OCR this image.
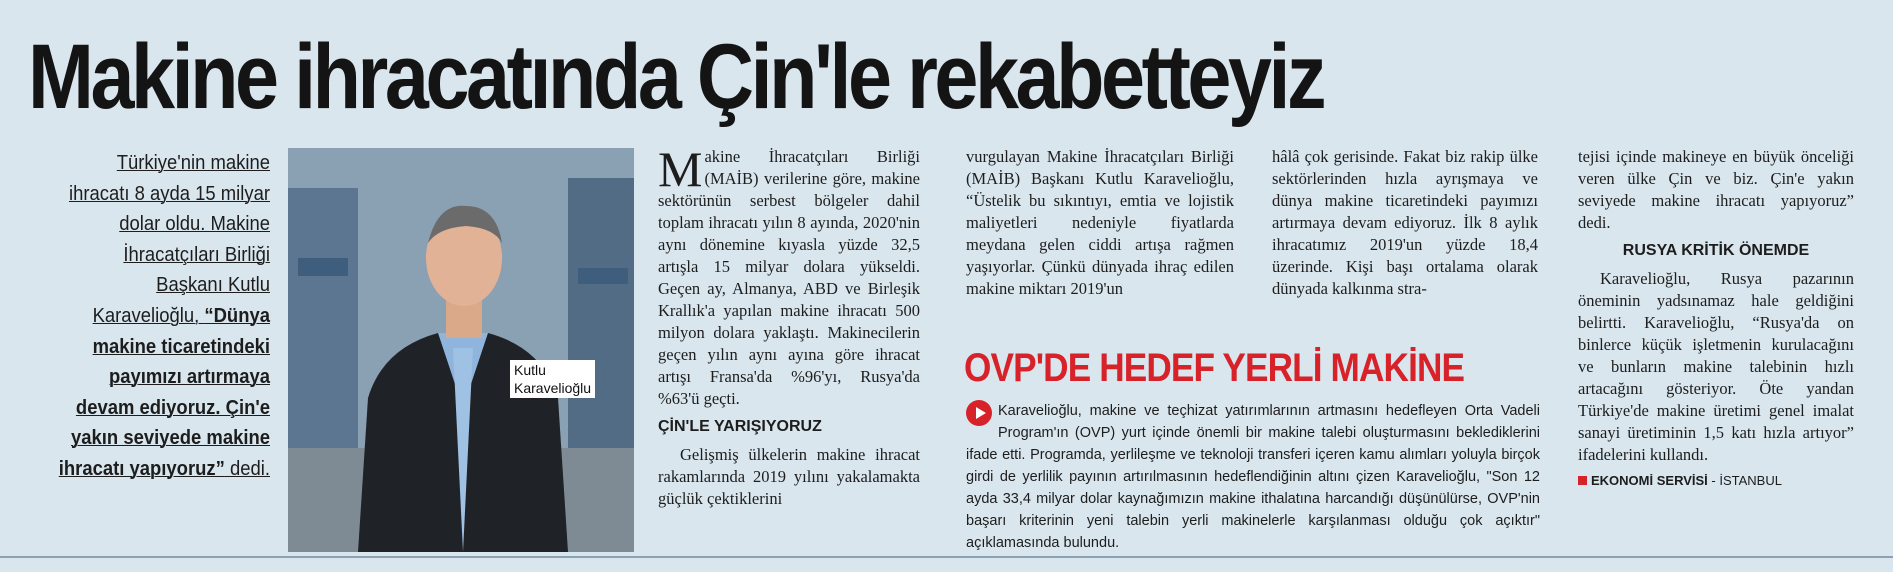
Makine ihracatında Çin'le rekabetteyiz
Türkiye'nin makine ihracatı 8 ayda 15 milyar dolar oldu. Makine İhracatçıları Birliği Başkanı Kutlu Karavelioğlu, “Dünya makine ticaretindeki payımızı artırmaya devam ediyoruz. Çin'e yakın seviyede makine ihracatı yapıyoruz” dedi.
Kutlu
Karavelioğlu
M akine İhracatçıları Birliği (MAİB) verilerine göre, makine sektörünün serbest bölgeler dahil toplam ihracatı yılın 8 ayında, 2020'nin aynı dönemine kıyasla yüzde 32,5 artışla 15 milyar dolara yükseldi. Geçen ay, Almanya, ABD ve Birleşik Krallık'a yapılan makine ihracatı 500 milyon dolara yaklaştı. Makinecilerin geçen yılın aynı ayına göre ihracat artışı Fransa'da %96'yı, Rusya'da %63'ü geçti.

ÇİN'LE YARIŞIYORUZ

Gelişmiş ülkelerin makine ihracat rakamlarında 2019 yılını yakalamakta güçlük çektiklerini

vurgulayan Makine İhracatçıları Birliği (MAİB) Başkanı Kutlu Karavelioğlu, “Üstelik bu sıkıntıyı, emtia ve lojistik maliyetleri nedeniyle fiyatlarda meydana gelen ciddi artışa rağmen yaşıyorlar. Çünkü dünyada ihraç edilen makine miktarı 2019'un

hâlâ çok gerisinde. Fakat biz rakip ülke sektörlerinden hızla ayrışmaya ve dünya makine ticaretindeki payımızı artırmaya devam ediyoruz. İlk 8 aylık ihracatımız 2019'un yüzde 18,4 üzerinde. Kişi başı ortalama olarak dünyada kalkınma stra-

tejisi içinde makineye en büyük önceliği veren ülke Çin ve biz. Çin'e yakın seviyede makine ihracatı yapıyoruz” dedi.

RUSYA KRİTİK ÖNEMDE

Karavelioğlu, Rusya pazarının öneminin yadsınamaz hale geldiğini belirtti. Karavelioğlu, “Rusya'da on binlerce küçük işletmenin kurulacağını ve bunların makine talebinin hızlı artacağını gösteriyor. Öte yandan Türkiye'de makine üretimi genel imalat sanayi üretiminin 1,5 katı hızla artıyor” ifadelerini kullandı.

EKONOMİ SERVİSİ - İSTANBUL
OVP'DE HEDEF YERLİ MAKİNE
Karavelioğlu, makine ve teçhizat yatırımlarının artmasını hedefleyen Orta Vadeli Program'ın (OVP) yurt içinde önemli bir makine talebi oluşturmasını beklediklerini ifade etti. Programda, yerlileşme ve teknoloji transferi içeren kamu alımları yoluyla birçok girdi de yerlilik payının artırılmasının hedeflendiğinin altını çizen Karavelioğlu, "Son 12 ayda 33,4 milyar dolar kaynağımızın makine ithalatına harcandığı düşünülürse, OVP'nin başarı kriterinin yeni talebin yerli makinelerle karşılanması olduğu çok açıktır" açıklamasında bulundu.
